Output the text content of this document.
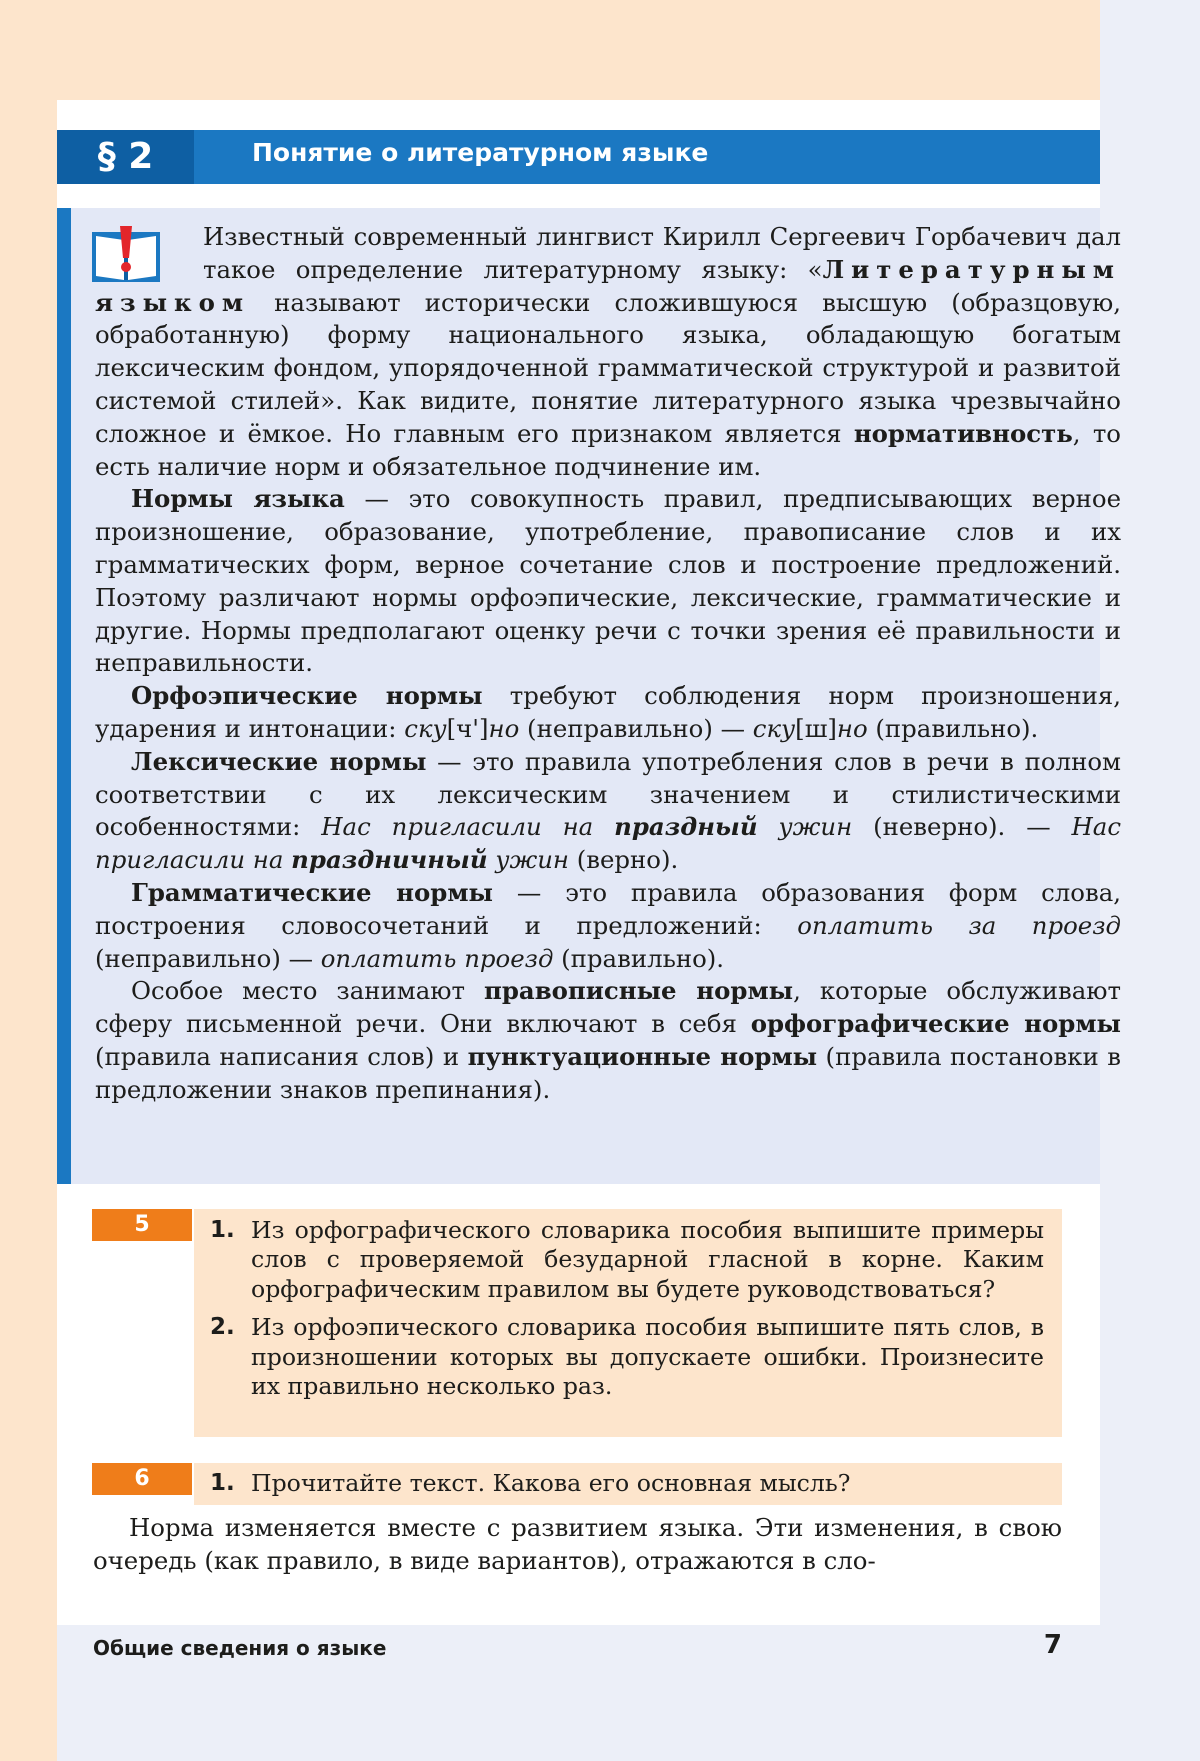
§ 2	Понятие о литературном языке

Известный современный лингвист Кирилл Сергеевич Горбачевич дал такое определение литературному языку: «Литературным языком называют исторически сложившуюся высшую (образцовую, обработанную) форму национального языка, обладающую богатым лексическим фондом, упорядоченной грамматической структурой и развитой системой стилей». Как видите, понятие литературного языка чрезвычайно сложное и ёмкое. Но главным его признаком является нормативность, то есть наличие норм и обязательное подчинение им.

Нормы языка — это совокупность правил, предписывающих верное произношение, образование, употребление, правописание слов и их грамматических форм, верное сочетание слов и построение предложений. Поэтому различают нормы орфоэпические, лексические, грамматические и другие. Нормы предполагают оценку речи с точки зрения её правильности и неправильности.

Орфоэпические нормы требуют соблюдения норм произношения, ударения и интонации: ску[ч']но (неправильно) — ску[ш]но (правильно).

Лексические нормы — это правила употребления слов в речи в полном соответствии с их лексическим значением и стилистическими особенностями: Нас пригласили на праздный ужин (неверно). — Нас пригласили на праздничный ужин (верно).

Грамматические нормы — это правила образования форм слова, построения словосочетаний и предложений: оплатить за проезд (неправильно) — оплатить проезд (правильно).

Особое место занимают правописные нормы, которые обслуживают сферу письменной речи. Они включают в себя орфографические нормы (правила написания слов) и пунктуационные нормы (правила постановки в предложении знаков препинания).

5	1. Из орфографического словарика пособия выпишите примеры слов с проверяемой безударной гласной в корне. Каким орфографическим правилом вы будете руководствоваться?
2. Из орфоэпического словарика пособия выпишите пять слов, в произношении которых вы допускаете ошибки. Произнесите их правильно несколько раз.
6	1. Прочитайте текст. Какова его основная мысль?

Норма изменяется вместе с развитием языка. Эти изменения, в свою очередь (как правило, в виде вариантов), отражаются в сло-

Общие сведения о языке	7
